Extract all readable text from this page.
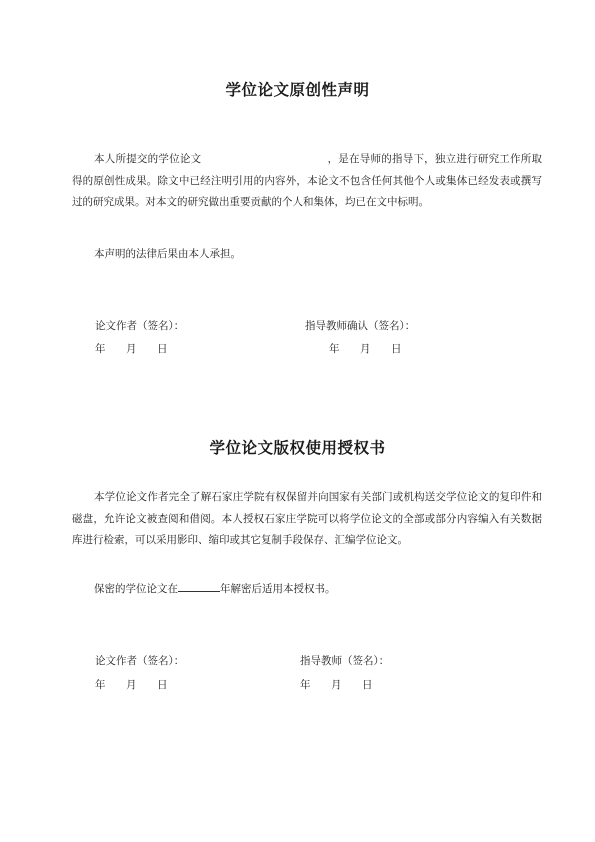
学位论文原创性声明

本人所提交的学位论文	，是在导师的指导下，独立进行研究工作所取得的原创性成果。除文中已经注明引用的内容外，本论文不包含任何其他个人或集体已经发表或撰写过的研究成果。对本文的研究做出重要贡献的个人和集体，均已在文中标明。

本声明的法律后果由本人承担。

论文作者（签名）：	指导教师确认（签名）：

年 月 日	年 月 日

学位论文版权使用授权书

本学位论文作者完全了解石家庄学院有权保留并向国家有关部门或机构送交学位论文的复印件和磁盘，允许论文被查阅和借阅。本人授权石家庄学院可以将学位论文的全部或部分内容编入有关数据库进行检索，可以采用影印、缩印或其它复制手段保存、汇编学位论文。

保密的学位论文在	年解密后适用本授权书。

论文作者（签名）：	指导教师（签名）：

年 月 日	年 月 日
